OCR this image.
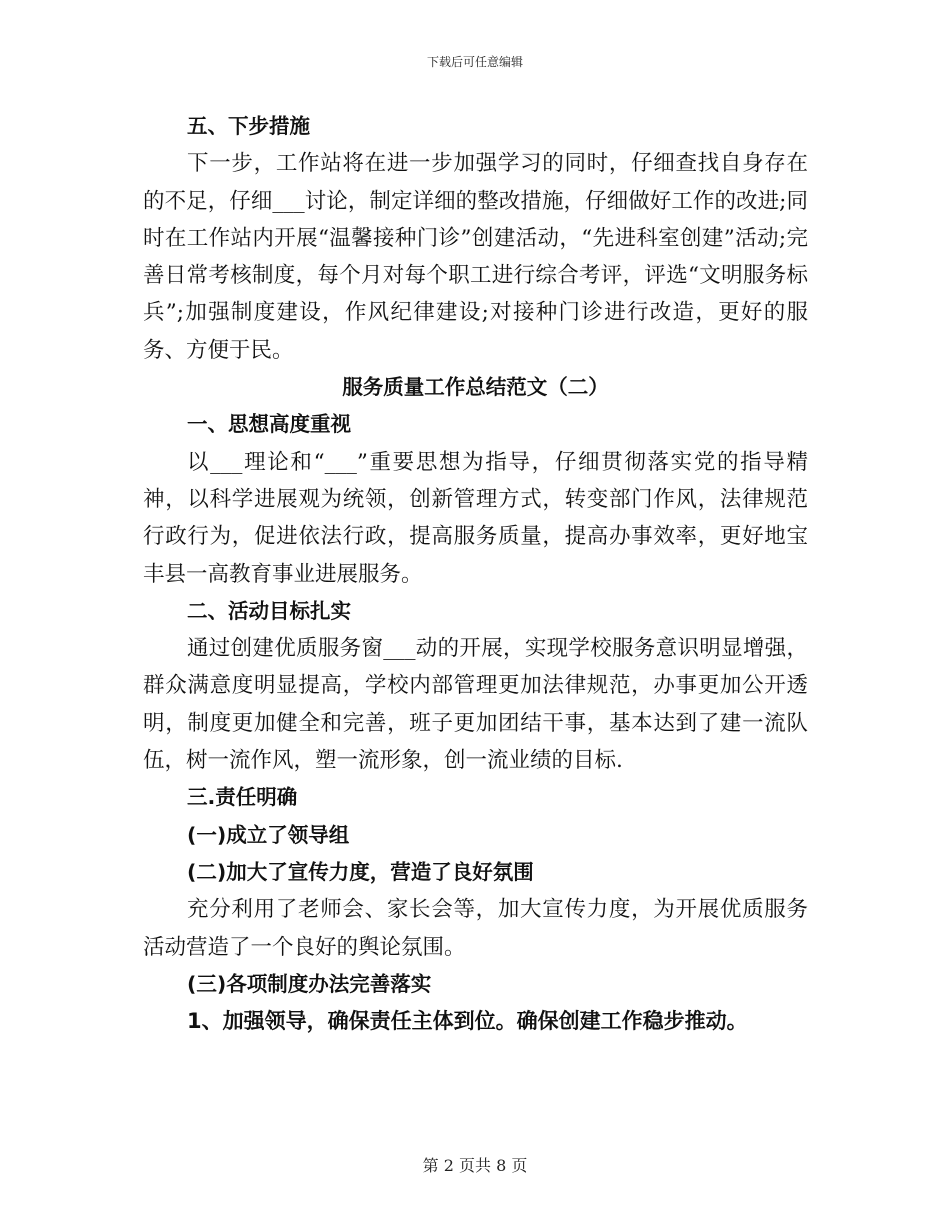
下载后可任意编辑

五、下步措施

下一步，工作站将在进一步加强学习的同时，仔细查找自身存在的不足，仔细___讨论，制定详细的整改措施，仔细做好工作的改进;同时在工作站内开展“温馨接种门诊”创建活动，“先进科室创建”活动;完善日常考核制度，每个月对每个职工进行综合考评，评选“文明服务标兵”;加强制度建设，作风纪律建设;对接种门诊进行改造，更好的服务、方便于民。

服务质量工作总结范文（二）

一、思想高度重视

以___理论和“___”重要思想为指导，仔细贯彻落实党的指导精神，以科学进展观为统领，创新管理方式，转变部门作风，法律规范行政行为，促进依法行政，提高服务质量，提高办事效率，更好地宝丰县一高教育事业进展服务。

二、活动目标扎实

通过创建优质服务窗___动的开展，实现学校服务意识明显增强，群众满意度明显提高，学校内部管理更加法律规范，办事更加公开透明，制度更加健全和完善，班子更加团结干事，基本达到了建一流队伍，树一流作风，塑一流形象，创一流业绩的目标.

三.责任明确

(一)成立了领导组

(二)加大了宣传力度，营造了良好氛围

充分利用了老师会、家长会等，加大宣传力度，为开展优质服务活动营造了一个良好的舆论氛围。

(三)各项制度办法完善落实

1、加强领导，确保责任主体到位。确保创建工作稳步推动。

第 2 页共 8 页
